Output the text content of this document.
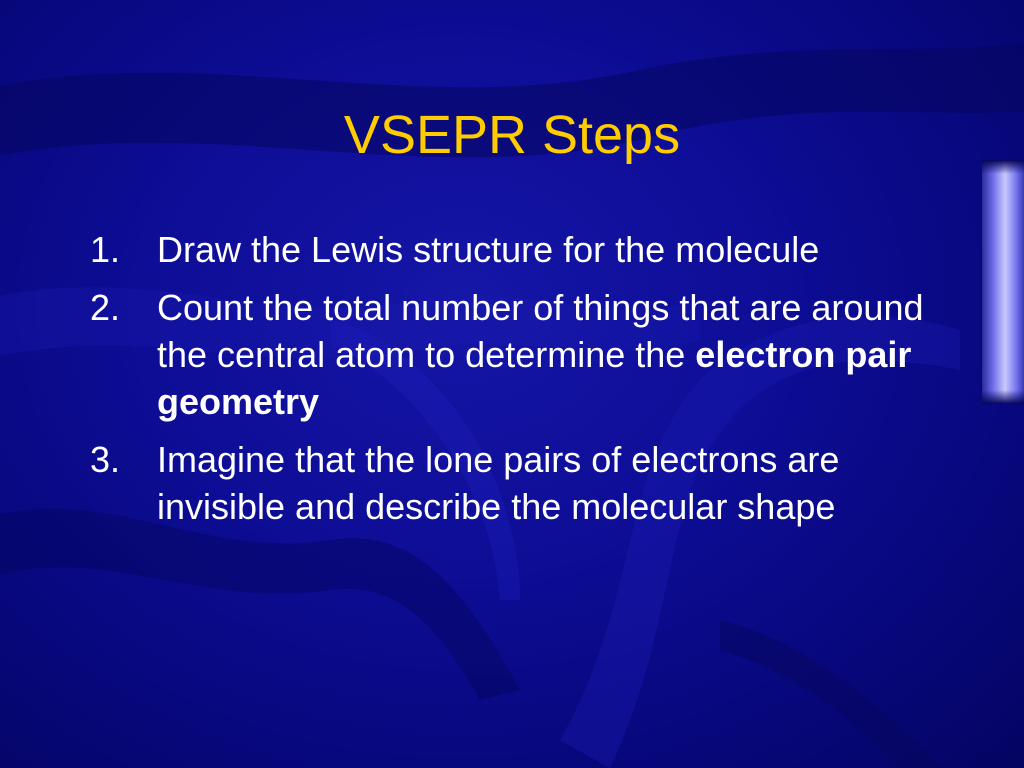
VSEPR Steps
1. Draw the Lewis structure for the molecule
2. Count the total number of things that are around the central atom to determine the electron pair geometry
3. Imagine that the lone pairs of electrons are invisible and describe the molecular shape
